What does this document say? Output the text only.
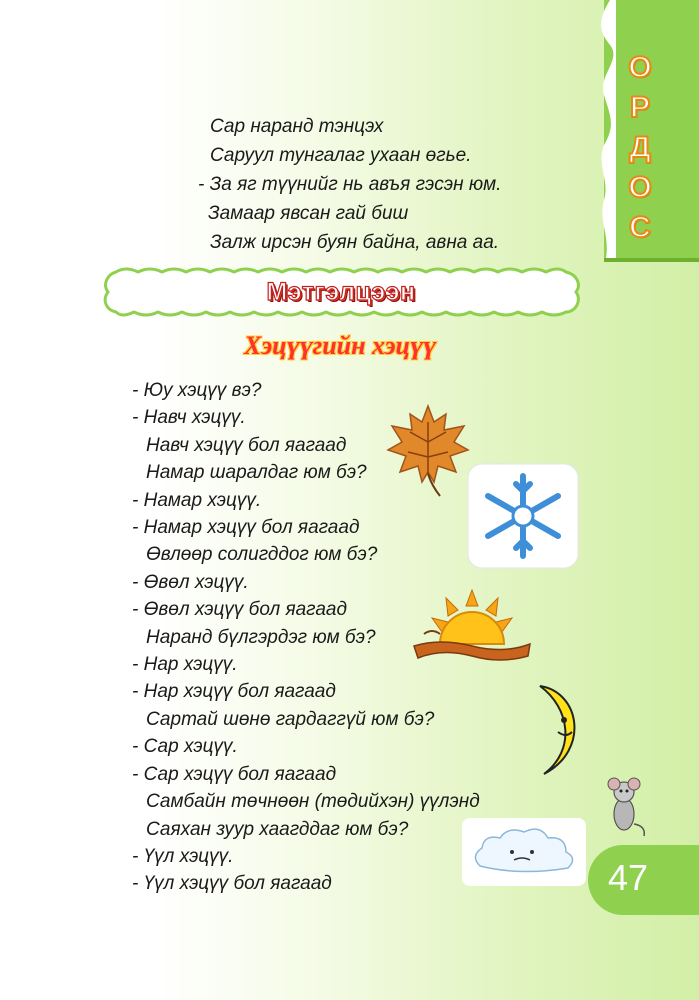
О
Р
Д
О
С
Сар наранд тэнцэх
Саруул тунгалаг ухаан өгье.
- За яг түүнийг нь авъя гэсэн юм.
Замаар явсан гай биш
Залж ирсэн буян байна, авна аа.
Мэтгэлцээн
Хэцүүгийн хэцүү
- Юу хэцүү вэ?
- Навч хэцүү.
Навч хэцүү бол яагаад
Намар шаралдаг юм бэ?
- Намар хэцүү.
- Намар хэцүү бол яагаад
Өвлөөр солигддог юм бэ?
- Өвөл хэцүү.
- Өвөл хэцүү бол яагаад
Наранд бүлгэрдэг юм бэ?
- Нар хэцүү.
- Нар хэцүү бол яагаад
Сартай шөнө гардаггүй юм бэ?
- Сар хэцүү.
- Сар хэцүү бол яагаад
Самбайн төчнөөн (төдийхэн) үүлэнд
Саяхан зуур хаагддаг юм бэ?
- Үүл хэцүү.
- Үүл хэцүү бол яагаад	47
